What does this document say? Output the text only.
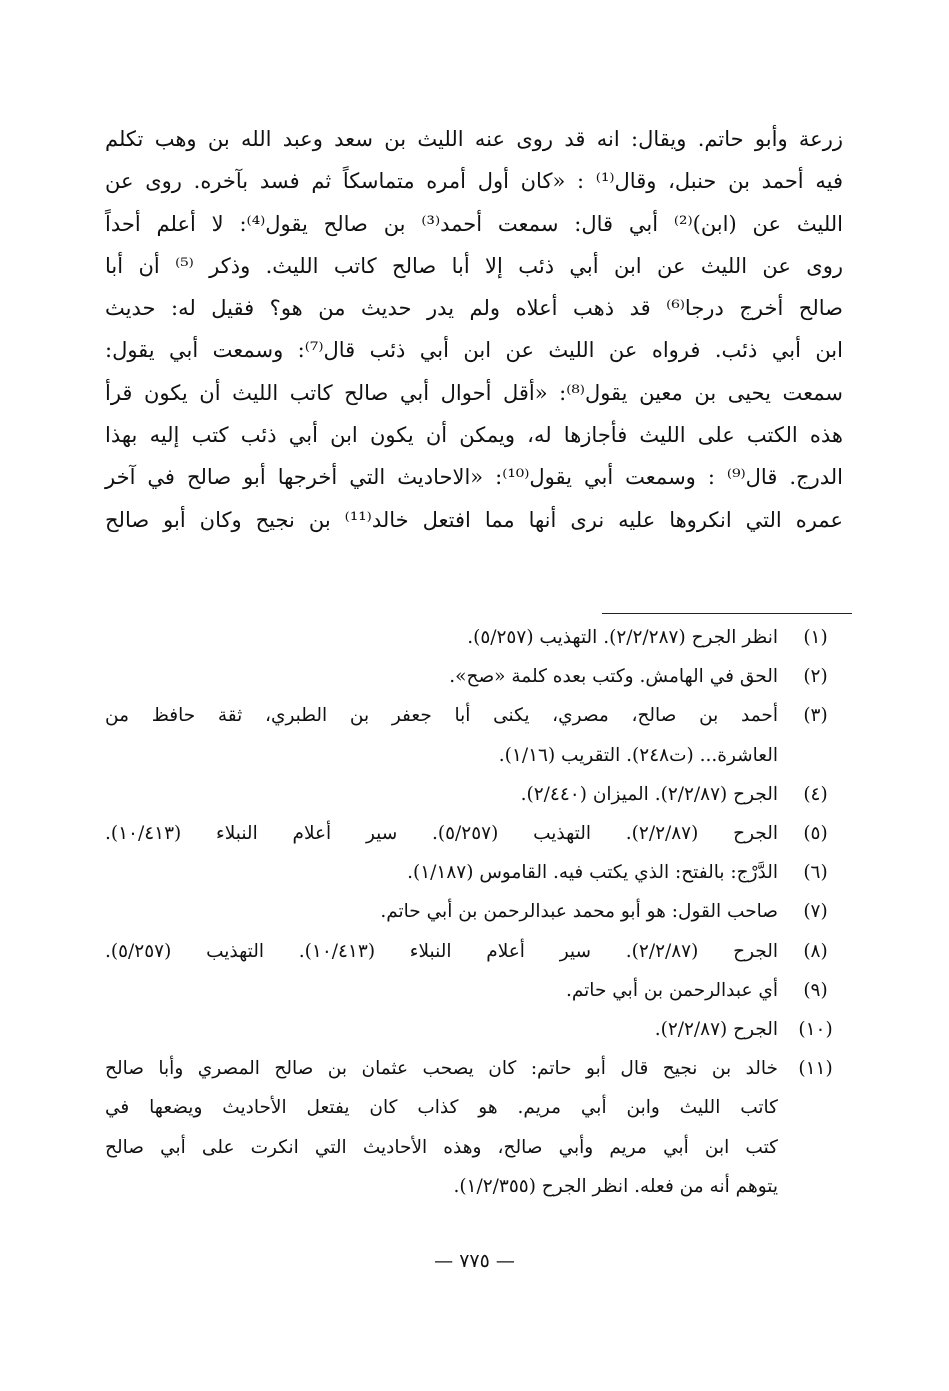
زرعة وأبو حاتم. ويقال: انه قد روى عنه الليث بن سعد وعبد الله بن وهب تكلم
فيه أحمد بن حنبل، وقال⁽¹⁾ : «كان أول أمره متماسكاً ثم فسد بآخره. روى عن
الليث عن (ابن)⁽²⁾ أبي قال: سمعت أحمد⁽³⁾ بن صالح يقول⁽⁴⁾: لا أعلم أحداً
روى عن الليث عن ابن أبي ذئب إلا أبا صالح كاتب الليث. وذكر ⁽⁵⁾ أن أبا
صالح أخرج درجا⁽⁶⁾ قد ذهب أعلاه ولم يدر حديث من هو؟ فقيل له: حديث
ابن أبي ذئب. فرواه عن الليث عن ابن أبي ذئب قال⁽⁷⁾: وسمعت أبي يقول:
سمعت يحيى بن معين يقول⁽⁸⁾: «أقل أحوال أبي صالح كاتب الليث أن يكون قرأ
هذه الكتب على الليث فأجازها له، ويمكن أن يكون ابن أبي ذئب كتب إليه بهذا
الدرج. قال⁽⁹⁾ : وسمعت أبي يقول⁽¹⁰⁾: «الاحاديث التي أخرجها أبو صالح في آخر
عمره التي انكروها عليه نرى أنها مما افتعل خالد⁽¹¹⁾ بن نجيح وكان أبو صالح
(١)
انظر الجرح (٢/٢/٢٨٧). التهذيب (٥/٢٥٧).
(٢)
الحق في الهامش. وكتب بعده كلمة «صح».
(٣)
أحمد بن صالح، مصري، يكنى أبا جعفر بن الطبري، ثقة حافظ من
العاشرة... (ت٢٤٨). التقريب (١/١٦).
(٤)
الجرح (٢/٢/٨٧). الميزان (٢/٤٤٠).
(٥)
الجرح (٢/٢/٨٧). التهذيب (٥/٢٥٧). سير أعلام النبلاء (١٠/٤١٣).
(٦)
الدَّرْج: بالفتح: الذي يكتب فيه. القاموس (١/١٨٧).
(٧)
صاحب القول: هو أبو محمد عبدالرحمن بن أبي حاتم.
(٨)
الجرح (٢/٢/٨٧). سير أعلام النبلاء (١٠/٤١٣). التهذيب (٥/٢٥٧).
(٩)
أي عبدالرحمن بن أبي حاتم.
(١٠)
الجرح (٢/٢/٨٧).
(١١)
خالد بن نجيح قال أبو حاتم: كان يصحب عثمان بن صالح المصري وأبا صالح
كاتب الليث وابن أبي مريم. هو كذاب كان يفتعل الأحاديث ويضعها في
كتب ابن أبي مريم وأبي صالح، وهذه الأحاديث التي انكرت على أبي صالح
يتوهم أنه من فعله. انظر الجرح (١/٢/٣٥٥).
— ٧٧٥ —
